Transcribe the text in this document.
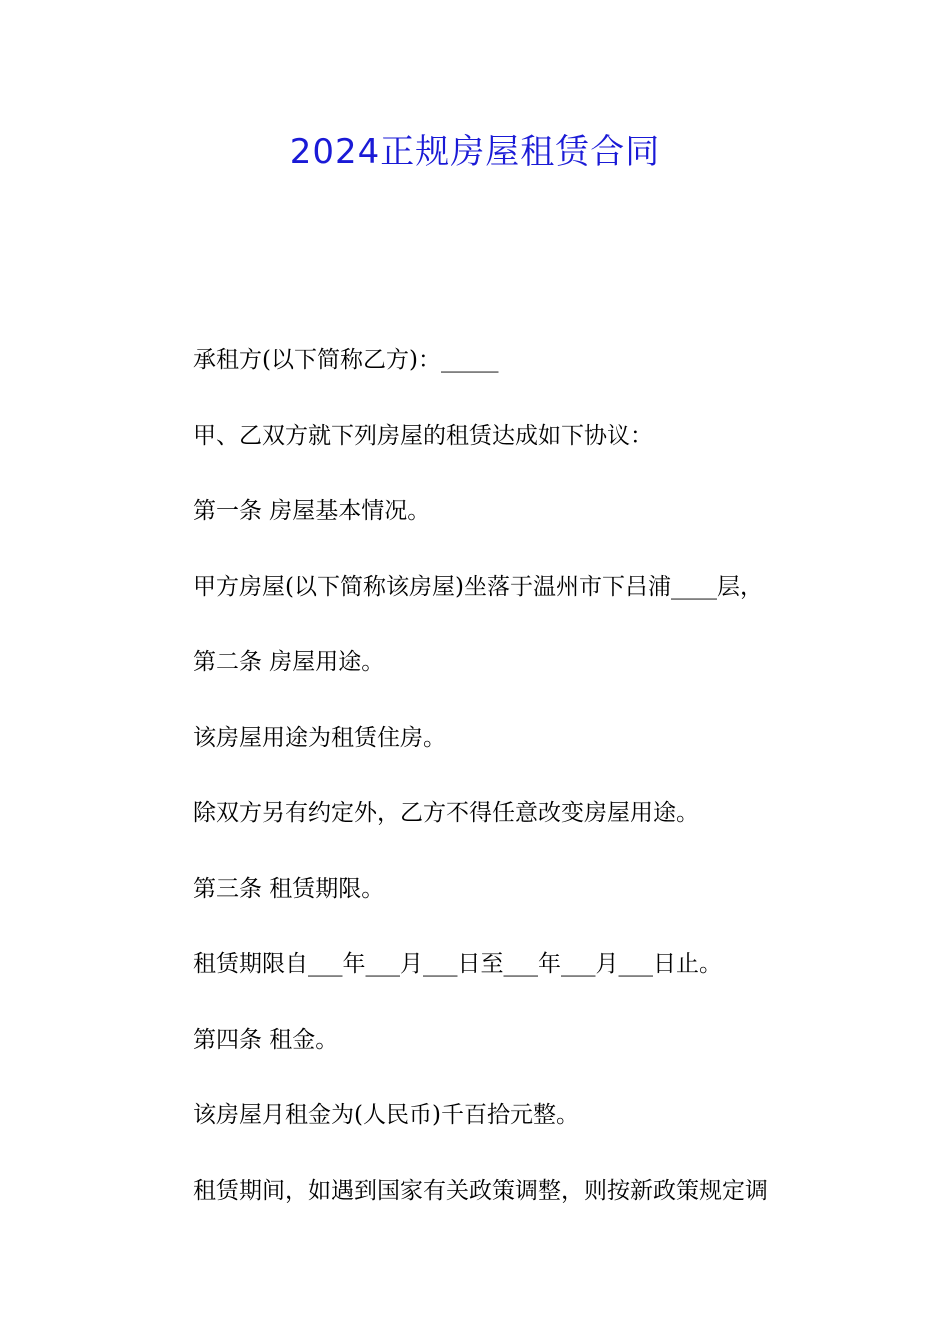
2024正规房屋租赁合同

承租方(以下简称乙方)：_____

甲、乙双方就下列房屋的租赁达成如下协议：

第一条 房屋基本情况。

甲方房屋(以下简称该房屋)坐落于温州市下吕浦____层，

第二条 房屋用途。

该房屋用途为租赁住房。

除双方另有约定外，乙方不得任意改变房屋用途。

第三条 租赁期限。

租赁期限自___年___月___日至___年___月___日止。

第四条 租金。

该房屋月租金为(人民币)千百拾元整。

租赁期间，如遇到国家有关政策调整，则按新政策规定调
